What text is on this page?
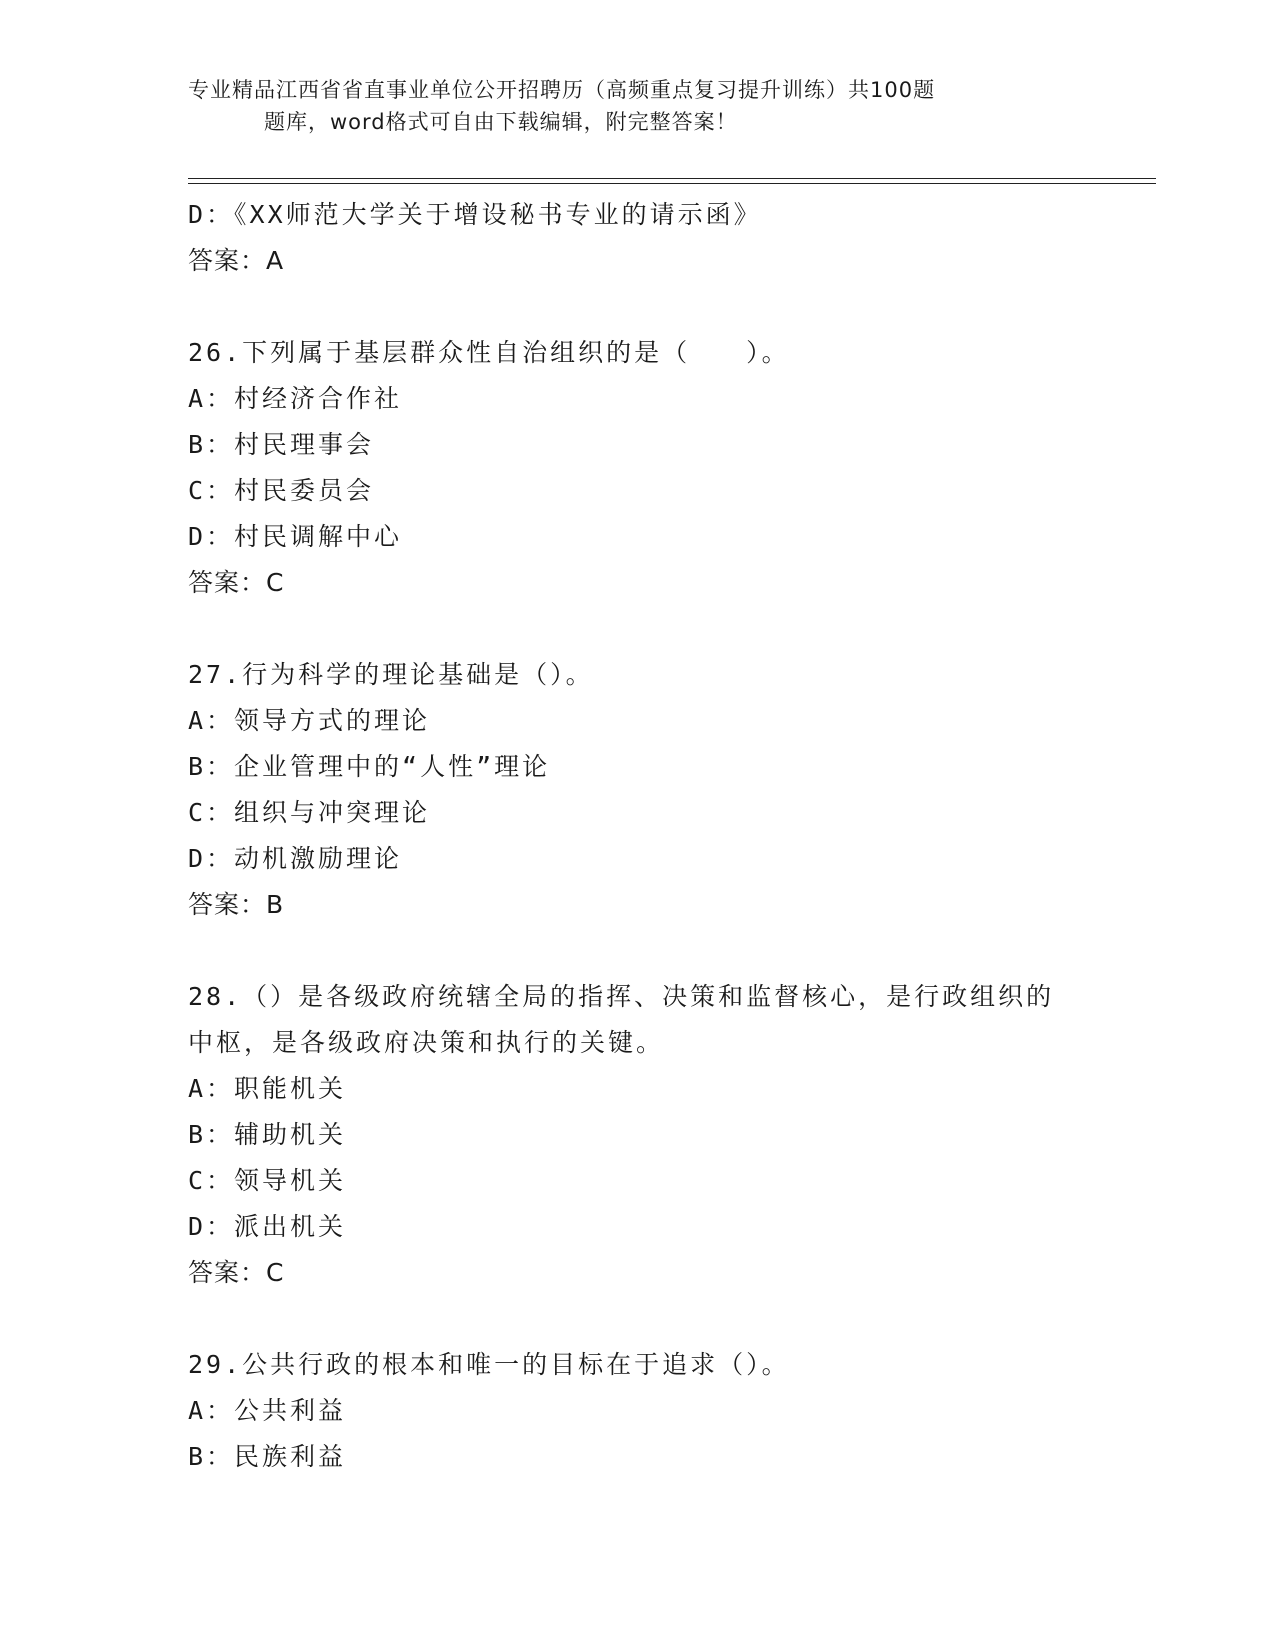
专业精品江西省省直事业单位公开招聘历（高频重点复习提升训练）共100题
题库，word格式可自由下载编辑，附完整答案！
D：《XX师范大学关于增设秘书专业的请示函》
答案：A
26.下列属于基层群众性自治组织的是（　　）。
A：村经济合作社
B：村民理事会
C：村民委员会
D：村民调解中心
答案：C
27.行为科学的理论基础是（）。
A：领导方式的理论
B：企业管理中的“人性”理论
C：组织与冲突理论
D：动机激励理论
答案：B
28.（）是各级政府统辖全局的指挥、决策和监督核心，是行政组织的
中枢，是各级政府决策和执行的关键。
A：职能机关
B：辅助机关
C：领导机关
D：派出机关
答案：C
29.公共行政的根本和唯一的目标在于追求（）。
A：公共利益
B：民族利益
